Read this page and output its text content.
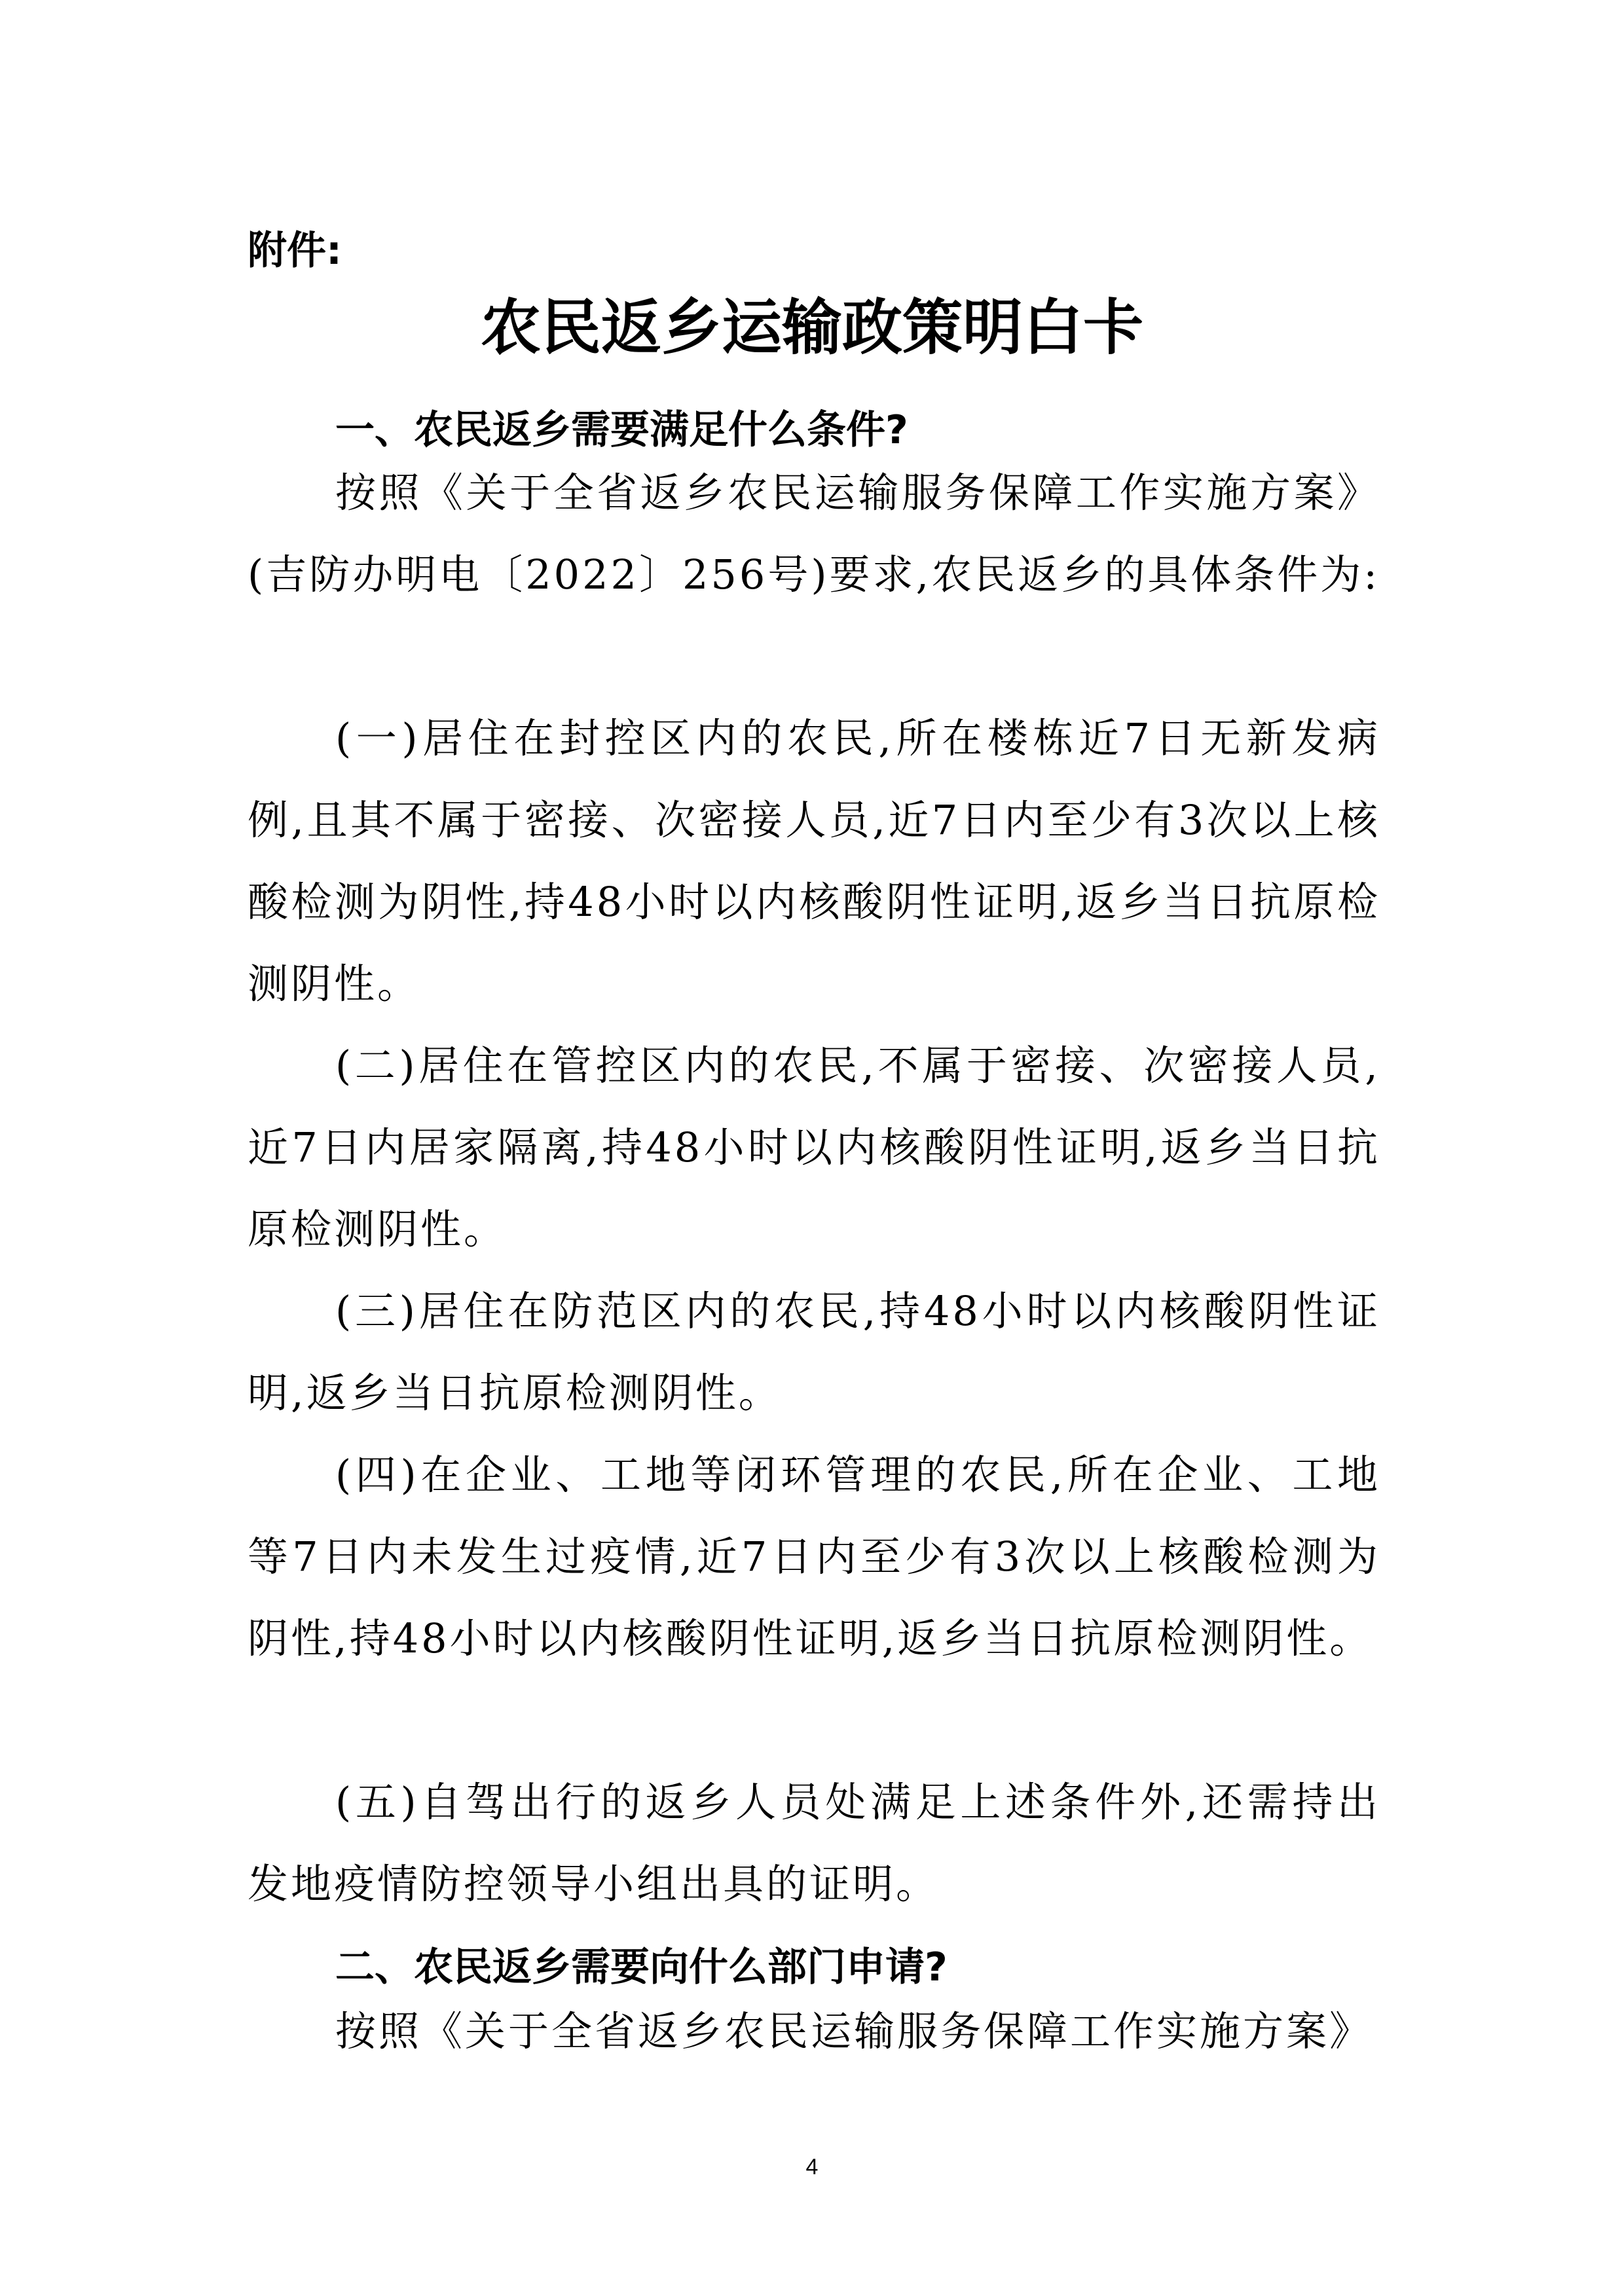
附件:
农民返乡运输政策明白卡
一、农民返乡需要满足什么条件?
按照《关于全省返乡农民运输服务保障工作实施方案》(吉防办明电〔2022〕256号)要求,农民返乡的具体条件为:
(一)居住在封控区内的农民,所在楼栋近7日无新发病例,且其不属于密接、次密接人员,近7日内至少有3次以上核酸检测为阴性,持48小时以内核酸阴性证明,返乡当日抗原检测阴性。
(二)居住在管控区内的农民,不属于密接、次密接人员,近7日内居家隔离,持48小时以内核酸阴性证明,返乡当日抗原检测阴性。
(三)居住在防范区内的农民,持48小时以内核酸阴性证明,返乡当日抗原检测阴性。
(四)在企业、工地等闭环管理的农民,所在企业、工地等7日内未发生过疫情,近7日内至少有3次以上核酸检测为阴性,持48小时以内核酸阴性证明,返乡当日抗原检测阴性。
(五)自驾出行的返乡人员处满足上述条件外,还需持出发地疫情防控领导小组出具的证明。
二、农民返乡需要向什么部门申请?
按照《关于全省返乡农民运输服务保障工作实施方案》
4
